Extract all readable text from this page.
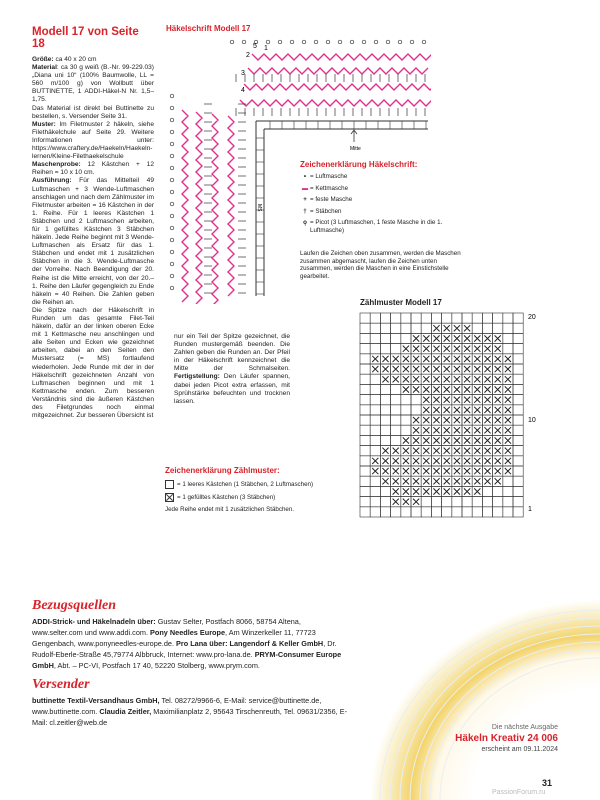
Modell 17 von Seite 18

Größe: ca 40 x 20 cm

Material: ca 30 g weiß (B.-Nr. 99-229.03) „Diana uni 10“ (100% Baumwolle, LL = 560 m/100 g) von Wollbutt über BUTTINETTE, 1 ADDI-Häkel-N Nr. 1,5–1,75.

Das Material ist direkt bei Buttinette zu bestellen, s. Versender Seite 31.

Muster: Im Filetmuster 2 häkeln, siehe Filethäkelchule auf Seite 29. Weitere Informationen unter: https://www.craftery.de/Haekeln/Haekeln-lernen/Kleine-Filethaekelschule

Maschenprobe: 12 Kästchen + 12 Reihen = 10 x 10 cm.

Ausführung: Für das Mittelteil 49 Luftmaschen + 3 Wende-Luftmaschen anschlagen und nach dem Zählmuster im Filetmuster arbeiten = 16 Kästchen in der 1. Reihe. Für 1 leeres Kästchen 1 Stäbchen und 2 Luftmaschen arbeiten, für 1 gefülltes Kästchen 3 Stäbchen häkeln. Jede Reihe beginnt mit 3 Wende-Luftmaschen als Ersatz für das 1. Stäbchen und endet mit 1 zusätzlichen Stäbchen in die 3. Wende-Luftmasche der Vorreihe. Nach Beendigung der 20. Reihe ist die Mitte erreicht, von der 20.–1. Reihe den Läufer gegengleich zu Ende häkeln = 40 Reihen. Die Zahlen geben die Reihen an.

Die Spitze nach der Häkelschrift in Runden um das gesamte Filet-Teil häkeln, dafür an der linken oberen Ecke mit 1 Kettmasche neu anschlingen und alle Seiten und Ecken wie gezeichnet arbeiten, dabei an den Seiten den Mustersatz (= MS) fortlaufend wiederholen. Jede Runde mit der in der Häkelschrift gezeichneten Anzahl von Luftmaschen beginnen und mit 1 Kettmasche enden. Zum besseren Verständnis sind die äußeren Kästchen des Filetgrundes noch einmal mitgezeichnet. Zur besseren Übersicht ist

Häkelschrift Modell 17
1
2
3
4
5
Mitte
MS
Zeichenerklärung Häkelschrift:
• = Luftmasche
▬ = Kettmasche
+ = feste Masche
† = Stäbchen
ǫ = Picot (3 Luftmaschen, 1 feste Masche in die 1. Luftmasche)
Laufen die Zeichen oben zusammen, werden die Maschen zusammen abgemascht, laufen die Zeichen unten zusammen, werden die Maschen in eine Einstichstelle gearbeitet.
Zählmuster Modell 17
20
10
1

nur ein Teil der Spitze gezeichnet, die Runden mustergemäß beenden. Die Zahlen geben die Runden an. Der Pfeil in der Häkelschrift kennzeichnet die Mitte der Schmalseiten. Fertigstellung: Den Läufer spannen, dabei jeden Picot extra erfassen, mit Sprühstärke befeuchten und trocknen lassen.

Zeichenerklärung Zählmuster:
= 1 leeres Kästchen (1 Stäbchen, 2 Luftmaschen)
= 1 gefülltes Kästchen (3 Stäbchen)
Jede Reihe endet mit 1 zusätzlichen Stäbchen.
Bezugsquellen

ADDI-Strick- und Häkelnadeln über: Gustav Selter, Postfach 8066, 58754 Altena, www.selter.com und www.addi.com. Pony Needles Europe, Am Winzerkeller 11, 77723 Gengenbach, www.ponyneedles-europe.de. Pro Lana über: Langendorf & Keller GmbH, Dr. Rudolf-Eberle-Straße 45,79774 Albbruck, Internet: www.pro-lana.de. PRYM-Consumer Europe GmbH, Abt. – PC-VI, Postfach 17 40, 52220 Stolberg, www.prym.com.

Versender

buttinette Textil-Versandhaus GmbH, Tel. 08272/9966-6, E-Mail: service@buttinette.de, www.buttinette.com. Claudia Zeitler, Maximilianplatz 2, 95643 Tirschenreuth, Tel. 09631/2356, E-Mail: cl.zeitler@web.de

Die nächste Ausgabe
Häkeln Kreativ 24 006
erscheint am 09.11.2024
31
PassionForum.ru
